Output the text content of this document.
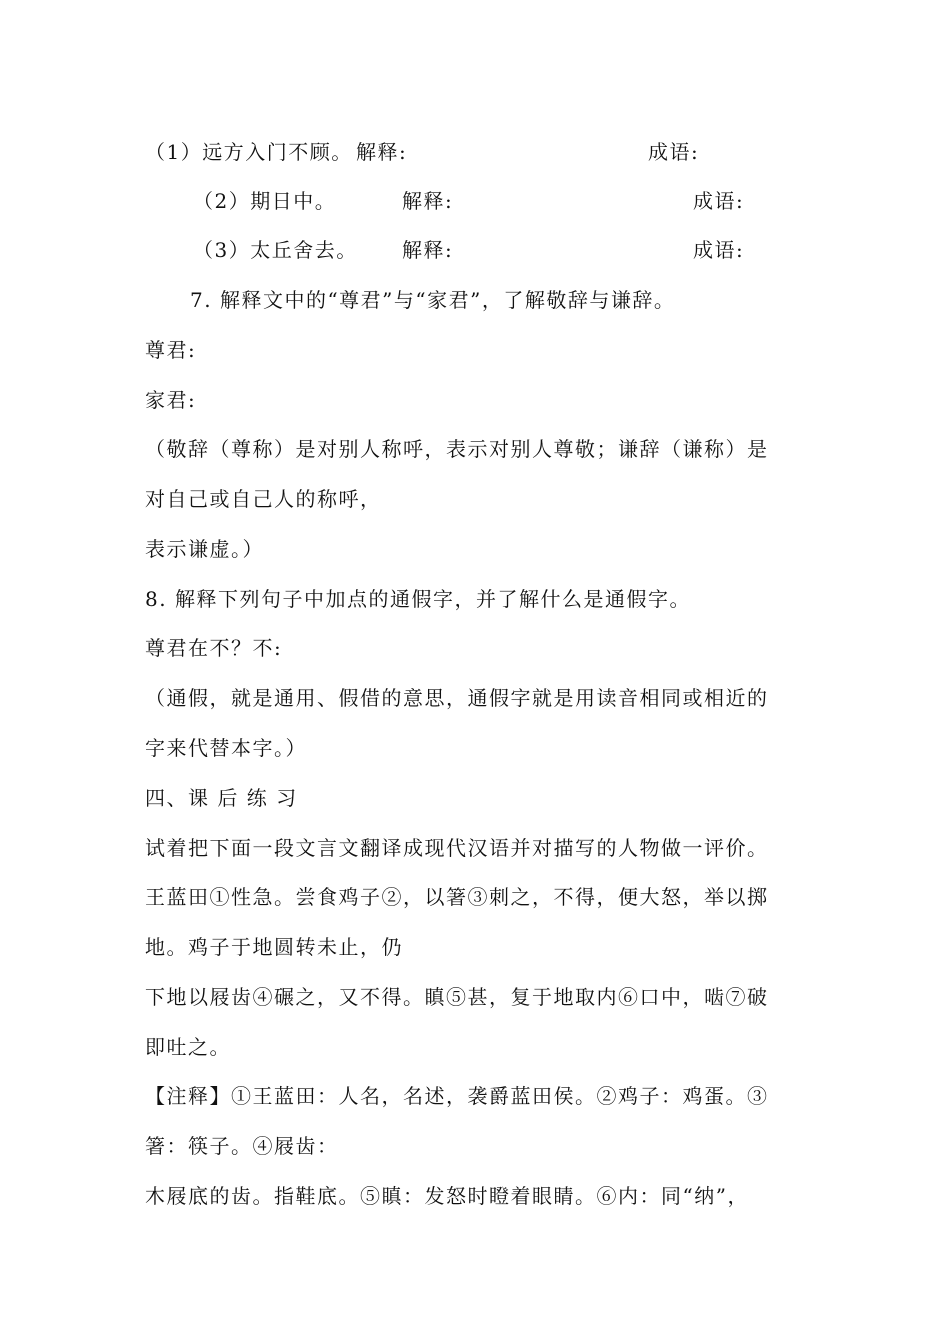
（1）远方入门不顾。 解释:	成语:
（2）期日中。	解释:	成语:
（3）太丘舍去。 解释:	成语:
7. 解释文中的“尊君”与“家君”，了解敬辞与谦辞。
尊君:
家君:
（敬辞（尊称）是对别人称呼，表示对别人尊敬；谦辞（谦称）是
对自己或自己人的称呼，
表示谦虚。）
8. 解释下列句子中加点的通假字，并了解什么是通假字。
尊君在不？不:
（通假，就是通用、假借的意思，通假字就是用读音相同或相近的
字来代替本字。）
四、课 后 练 习
试着把下面一段文言文翻译成现代汉语并对描写的人物做一评价。
王蓝田①性急。尝食鸡子②，以箸③刺之，不得，便大怒，举以掷
地。鸡子于地圆转未止，仍
下地以屐齿④碾之，又不得。瞋⑤甚，复于地取内⑥口中，啮⑦破
即吐之。
【注释】①王蓝田：人名，名述，袭爵蓝田侯。②鸡子：鸡蛋。③
箸：筷子。④屐齿：
木屐底的齿。指鞋底。⑤瞋：发怒时瞪着眼睛。⑥内：同“纳”，
